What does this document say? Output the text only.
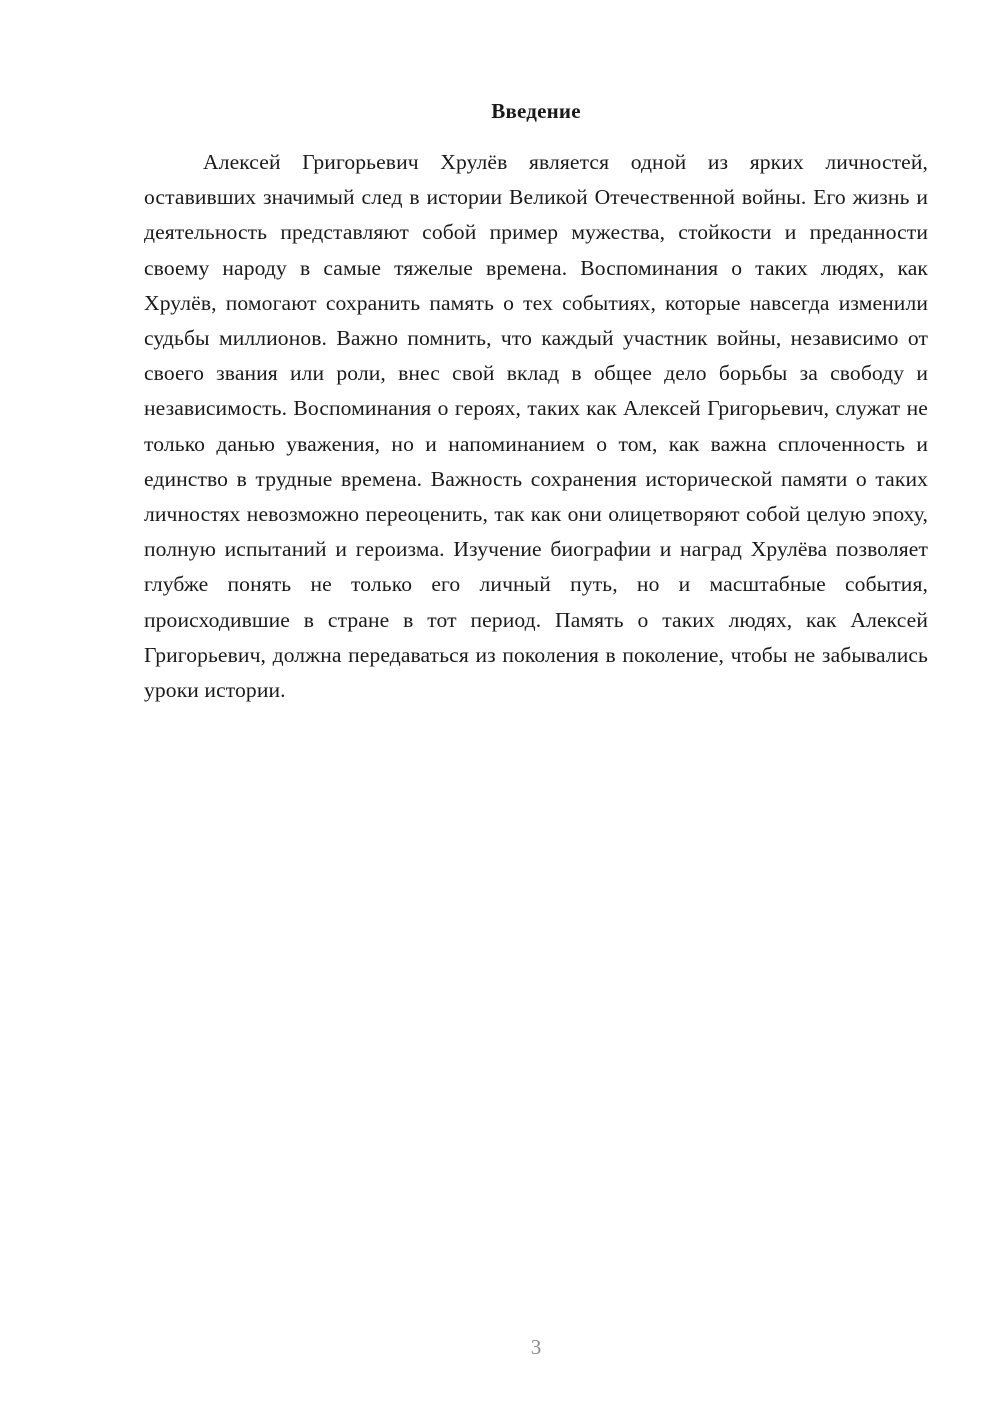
Введение

Алексей Григорьевич Хрулёв является одной из ярких личностей, оставивших значимый след в истории Великой Отечественной войны. Его жизнь и деятельность представляют собой пример мужества, стойкости и преданности своему народу в самые тяжелые времена. Воспоминания о таких людях, как Хрулёв, помогают сохранить память о тех событиях, которые навсегда изменили судьбы миллионов. Важно помнить, что каждый участник войны, независимо от своего звания или роли, внес свой вклад в общее дело борьбы за свободу и независимость. Воспоминания о героях, таких как Алексей Григорьевич, служат не только данью уважения, но и напоминанием о том, как важна сплоченность и единство в трудные времена. Важность сохранения исторической памяти о таких личностях невозможно переоценить, так как они олицетворяют собой целую эпоху, полную испытаний и героизма. Изучение биографии и наград Хрулёва позволяет глубже понять не только его личный путь, но и масштабные события, происходившие в стране в тот период. Память о таких людях, как Алексей Григорьевич, должна передаваться из поколения в поколение, чтобы не забывались уроки истории.

3
